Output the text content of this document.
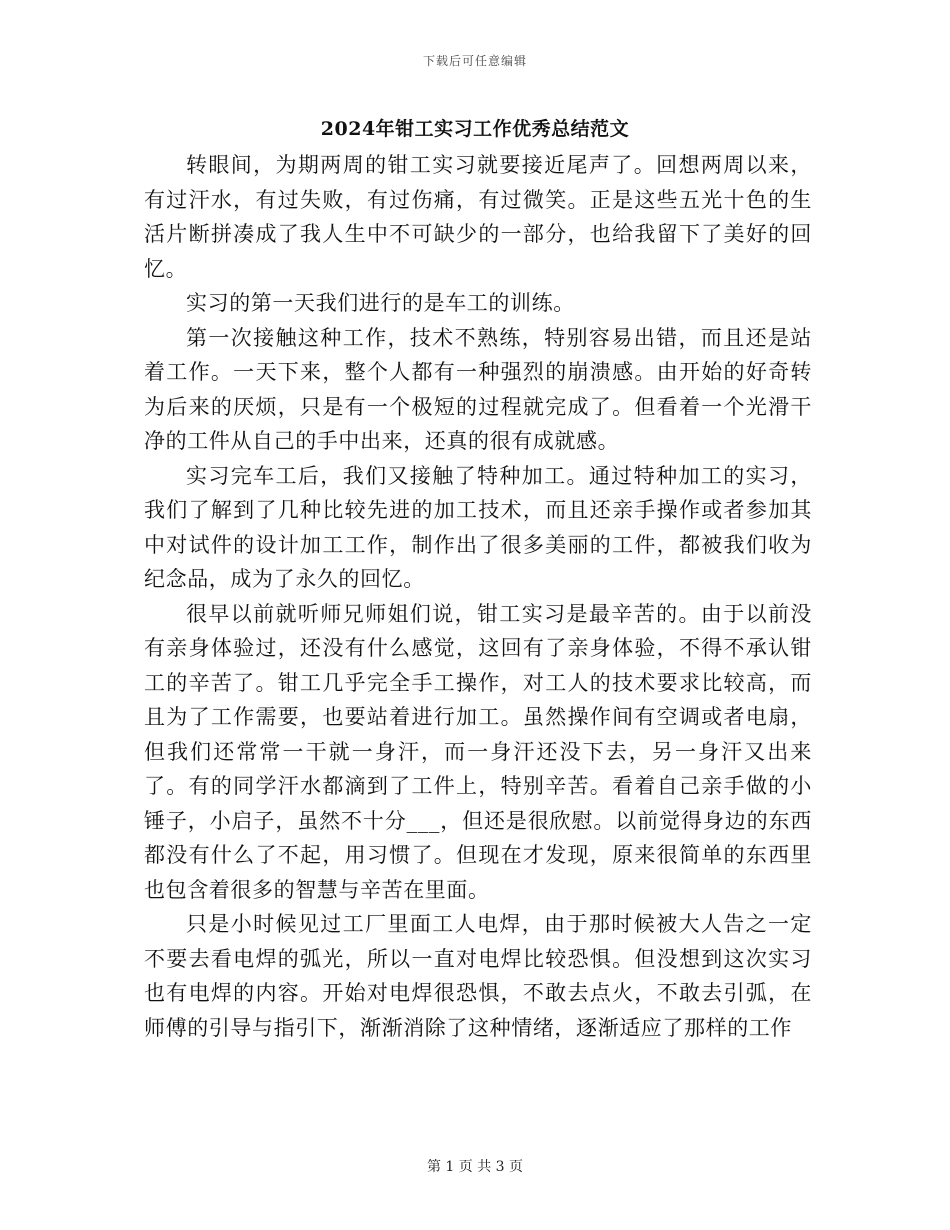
下载后可任意编辑
2024年钳工实习工作优秀总结范文

转眼间，为期两周的钳工实习就要接近尾声了。回想两周以来，有过汗水，有过失败，有过伤痛，有过微笑。正是这些五光十色的生活片断拼凑成了我人生中不可缺少的一部分，也给我留下了美好的回忆。

实习的第一天我们进行的是车工的训练。

第一次接触这种工作，技术不熟练，特别容易出错，而且还是站着工作。一天下来，整个人都有一种强烈的崩溃感。由开始的好奇转为后来的厌烦，只是有一个极短的过程就完成了。但看着一个光滑干净的工件从自己的手中出来，还真的很有成就感。

实习完车工后，我们又接触了特种加工。通过特种加工的实习，我们了解到了几种比较先进的加工技术，而且还亲手操作或者参加其中对试件的设计加工工作，制作出了很多美丽的工件，都被我们收为纪念品，成为了永久的回忆。

很早以前就听师兄师姐们说，钳工实习是最辛苦的。由于以前没有亲身体验过，还没有什么感觉，这回有了亲身体验，不得不承认钳工的辛苦了。钳工几乎完全手工操作，对工人的技术要求比较高，而且为了工作需要，也要站着进行加工。虽然操作间有空调或者电扇，但我们还常常一干就一身汗，而一身汗还没下去，另一身汗又出来了。有的同学汗水都滴到了工件上，特别辛苦。看着自己亲手做的小锤子，小启子，虽然不十分___，但还是很欣慰。以前觉得身边的东西都没有什么了不起，用习惯了。但现在才发现，原来很简单的东西里也包含着很多的智慧与辛苦在里面。

只是小时候见过工厂里面工人电焊，由于那时候被大人告之一定不要去看电焊的弧光，所以一直对电焊比较恐惧。但没想到这次实习也有电焊的内容。开始对电焊很恐惧，不敢去点火，不敢去引弧，在师傅的引导与指引下，渐渐消除了这种情绪，逐渐适应了那样的工作

第 1 页 共 3 页
